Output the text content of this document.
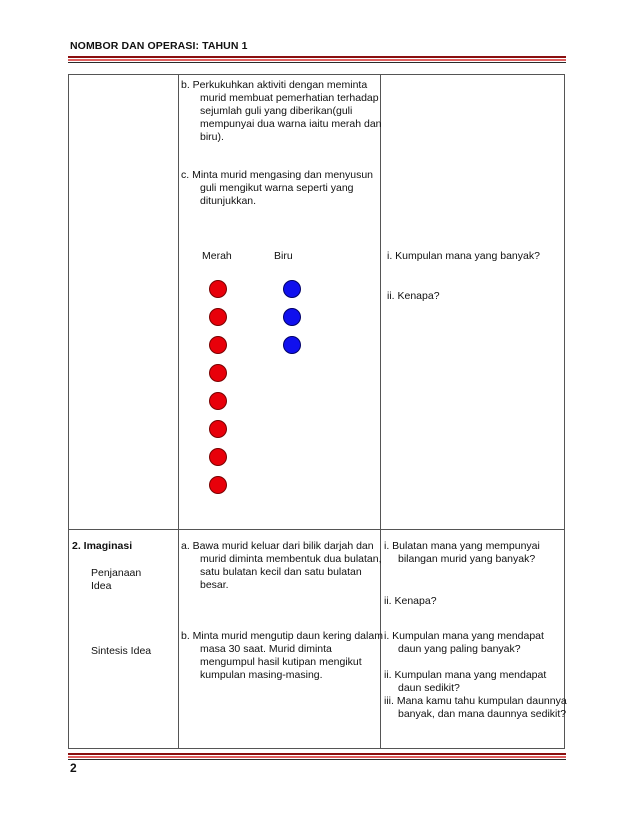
NOMBOR DAN OPERASI: TAHUN 1
b. Perkukuhkan aktiviti dengan meminta murid membuat pemerhatian terhadap sejumlah guli yang diberikan(guli mempunyai dua warna iaitu merah dan biru).
c. Minta murid mengasing dan menyusun guli mengikut warna seperti yang ditunjukkan.
Merah	Biru	i. Kumpulan mana yang banyak?
ii. Kenapa?
2. Imaginasi
Penjanaan Idea
Sintesis Idea
a. Bawa murid keluar dari bilik darjah dan murid diminta membentuk dua bulatan, satu bulatan kecil dan satu bulatan besar.
b. Minta murid mengutip daun kering dalam masa 30 saat. Murid diminta mengumpul hasil kutipan mengikut kumpulan masing-masing.
i. Bulatan mana yang mempunyai bilangan murid yang banyak?
ii. Kenapa?
i. Kumpulan mana yang mendapat daun yang paling banyak?
ii. Kumpulan mana yang mendapat daun sedikit?
iii. Mana kamu tahu kumpulan daunnya banyak, dan mana daunnya sedikit?
2
